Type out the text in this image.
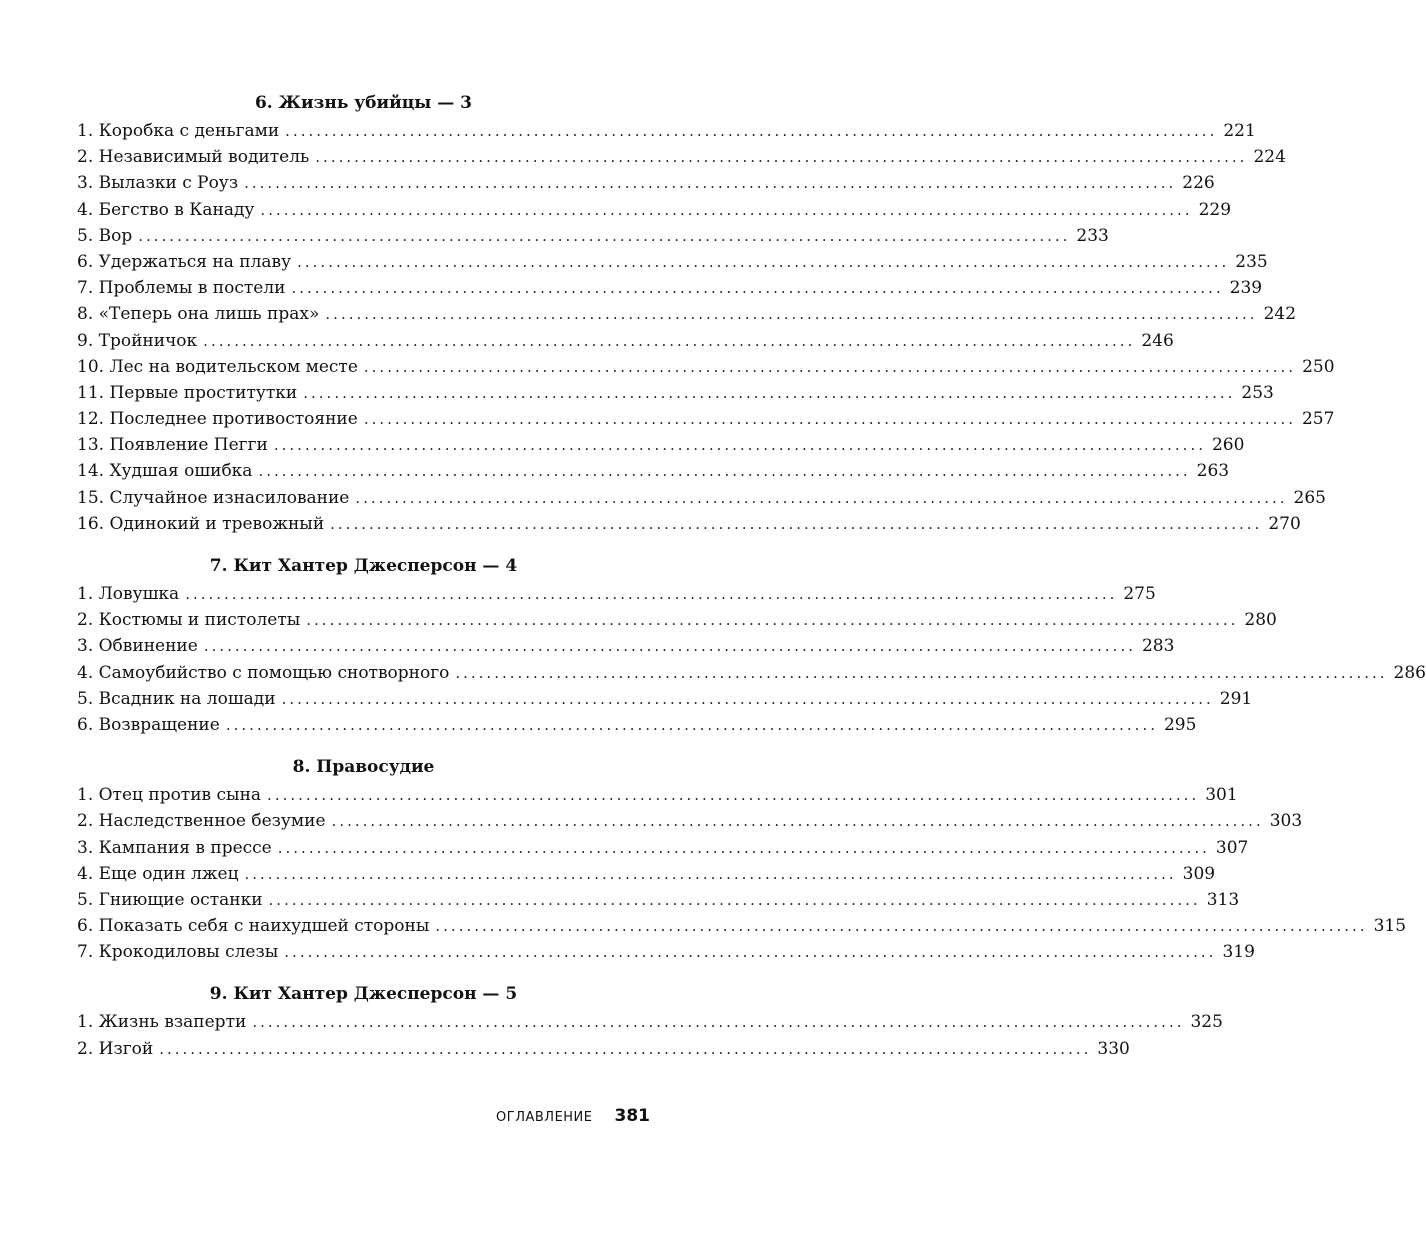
6. Жизнь убийцы — 3
1. Коробка с деньгами ........................................................................................................................ 221
2. Независимый водитель ........................................................................................................................ 224
3. Вылазки с Роуз ........................................................................................................................ 226
4. Бегство в Канаду ........................................................................................................................ 229
5. Вор ........................................................................................................................ 233
6. Удержаться на плаву ........................................................................................................................ 235
7. Проблемы в постели ........................................................................................................................ 239
8. «Теперь она лишь прах» ........................................................................................................................ 242
9. Тройничок ........................................................................................................................ 246
10. Лес на водительском месте ........................................................................................................................ 250
11. Первые проститутки ........................................................................................................................ 253
12. Последнее противостояние ........................................................................................................................ 257
13. Появление Пегги ........................................................................................................................ 260
14. Худшая ошибка ........................................................................................................................ 263
15. Случайное изнасилование ........................................................................................................................ 265
16. Одинокий и тревожный ........................................................................................................................ 270
7. Кит Хантер Джесперсон — 4
1. Ловушка ........................................................................................................................ 275
2. Костюмы и пистолеты ........................................................................................................................ 280
3. Обвинение ........................................................................................................................ 283
4. Самоубийство с помощью снотворного ........................................................................................................................ 286
5. Всадник на лошади ........................................................................................................................ 291
6. Возвращение ........................................................................................................................ 295
8. Правосудие
1. Отец против сына ........................................................................................................................ 301
2. Наследственное безумие ........................................................................................................................ 303
3. Кампания в прессе ........................................................................................................................ 307
4. Еще один лжец ........................................................................................................................ 309
5. Гниющие останки ........................................................................................................................ 313
6. Показать себя с наихудшей стороны ........................................................................................................................ 315
7. Крокодиловы слезы ........................................................................................................................ 319
9. Кит Хантер Джесперсон — 5
1. Жизнь взаперти ........................................................................................................................ 325
2. Изгой ........................................................................................................................ 330
ОГЛАВЛЕНИЕ 381
